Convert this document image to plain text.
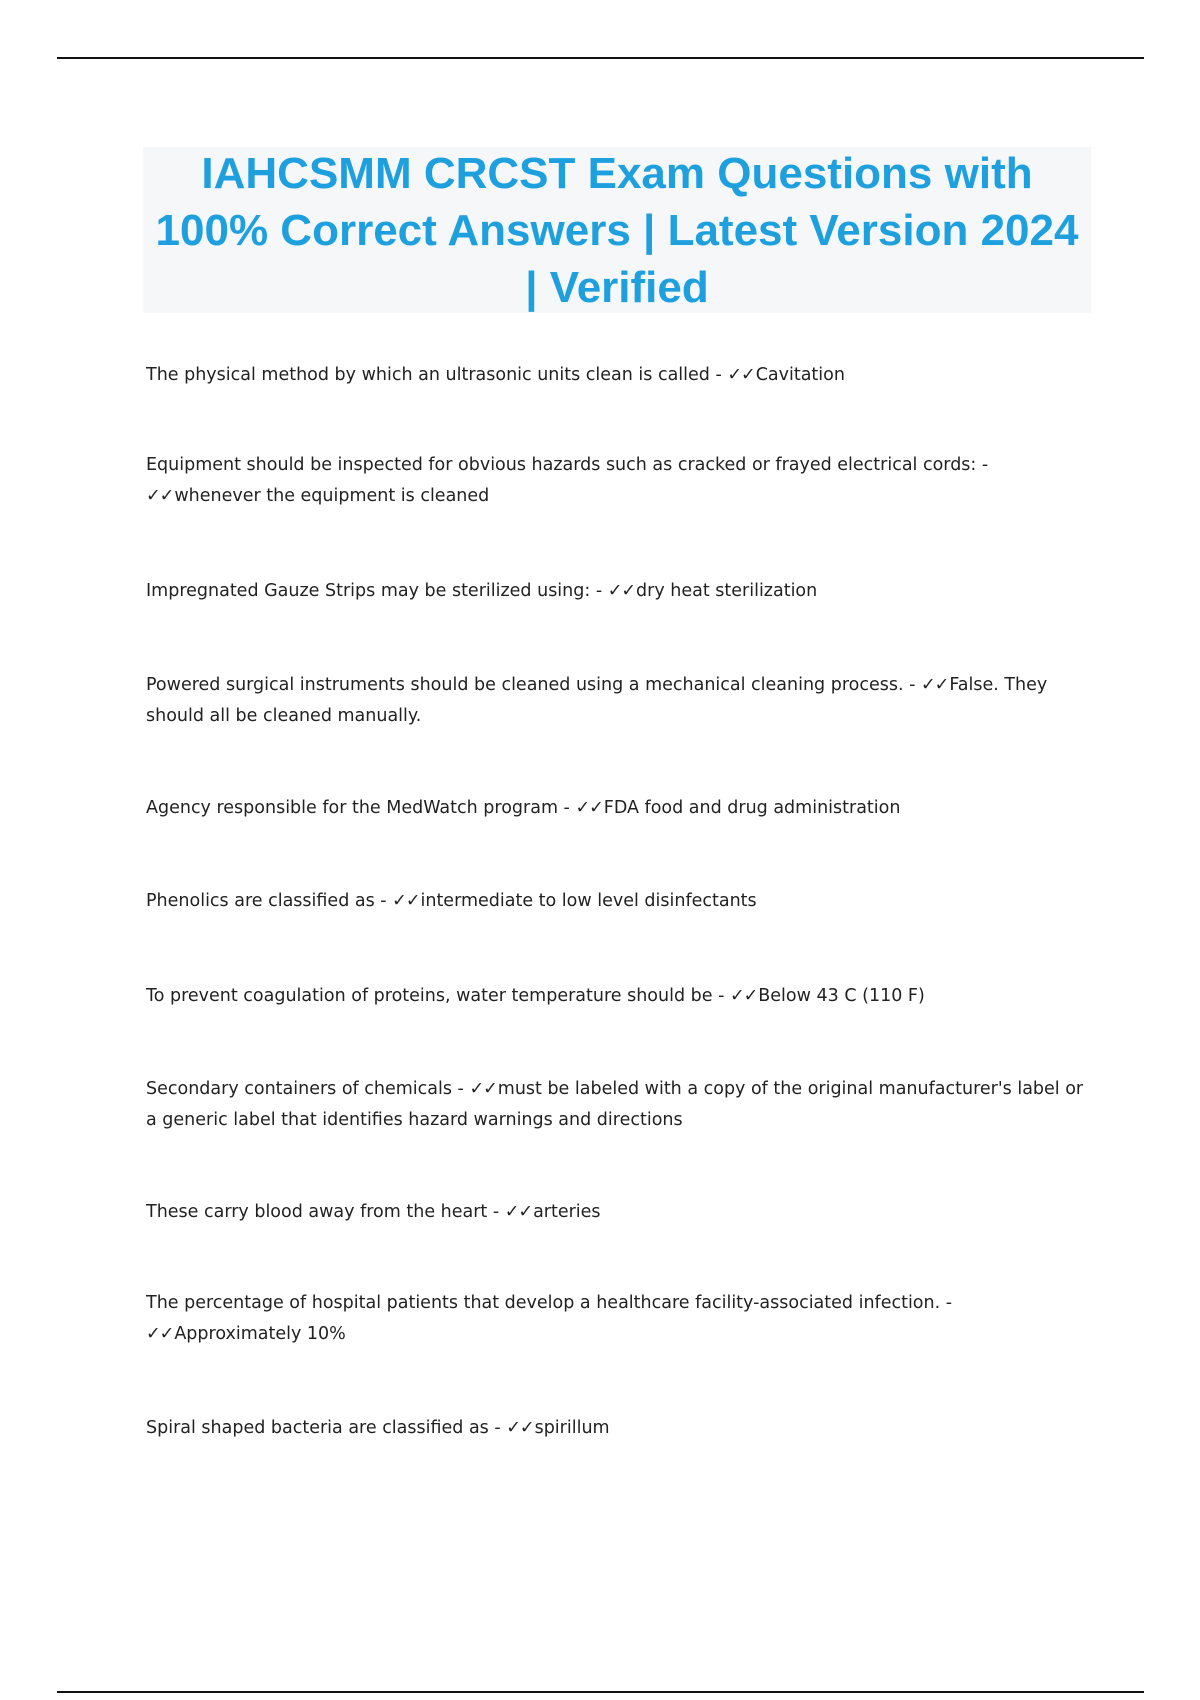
IAHCSMM CRCST Exam Questions with 100% Correct Answers | Latest Version 2024 | Verified

The physical method by which an ultrasonic units clean is called - ✓✓Cavitation

Equipment should be inspected for obvious hazards such as cracked or frayed electrical cords: - ✓✓whenever the equipment is cleaned

Impregnated Gauze Strips may be sterilized using: - ✓✓dry heat sterilization

Powered surgical instruments should be cleaned using a mechanical cleaning process. - ✓✓False. They should all be cleaned manually.

Agency responsible for the MedWatch program - ✓✓FDA food and drug administration

Phenolics are classified as - ✓✓intermediate to low level disinfectants

To prevent coagulation of proteins, water temperature should be - ✓✓Below 43 C (110 F)

Secondary containers of chemicals - ✓✓must be labeled with a copy of the original manufacturer's label or a generic label that identifies hazard warnings and directions

These carry blood away from the heart - ✓✓arteries

The percentage of hospital patients that develop a healthcare facility-associated infection. - ✓✓Approximately 10%

Spiral shaped bacteria are classified as - ✓✓spirillum
